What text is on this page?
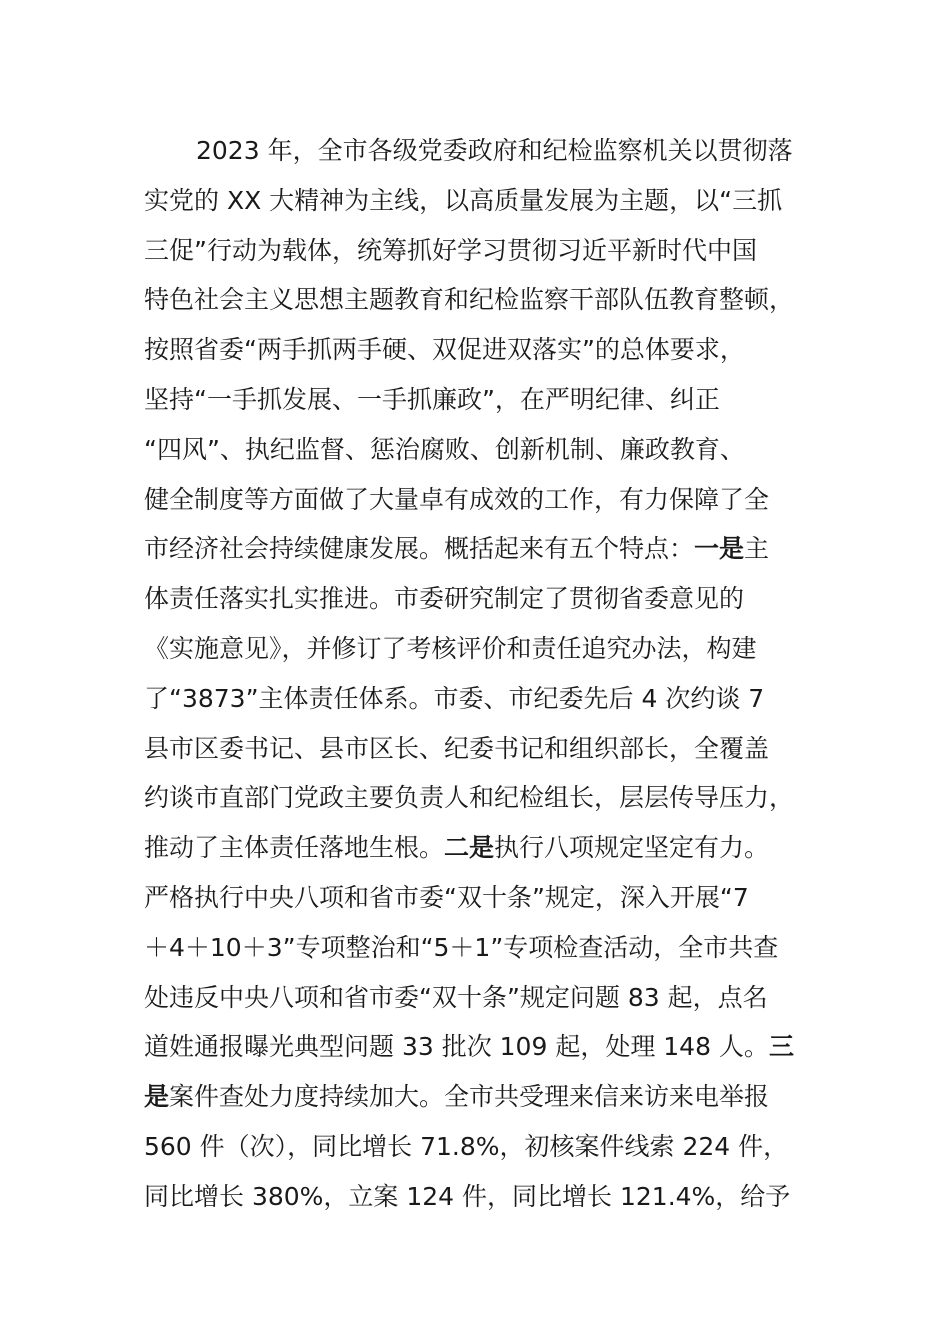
2023 年，全市各级党委政府和纪检监察机关以贯彻落
实党的 XX 大精神为主线，以高质量发展为主题，以“三抓
三促”行动为载体，统筹抓好学习贯彻习近平新时代中国
特色社会主义思想主题教育和纪检监察干部队伍教育整顿，
按照省委“两手抓两手硬、双促进双落实”的总体要求，
坚持“一手抓发展、一手抓廉政”，在严明纪律、纠正
“四风”、执纪监督、惩治腐败、创新机制、廉政教育、
健全制度等方面做了大量卓有成效的工作，有力保障了全
市经济社会持续健康发展。概括起来有五个特点：一是主
体责任落实扎实推进。市委研究制定了贯彻省委意见的
《实施意见》，并修订了考核评价和责任追究办法，构建
了“3873”主体责任体系。市委、市纪委先后 4 次约谈 7
县市区委书记、县市区长、纪委书记和组织部长，全覆盖
约谈市直部门党政主要负责人和纪检组长，层层传导压力，
推动了主体责任落地生根。二是执行八项规定坚定有力。
严格执行中央八项和省市委“双十条”规定，深入开展“7
＋4＋10＋3”专项整治和“5＋1”专项检查活动，全市共查
处违反中央八项和省市委“双十条”规定问题 83 起，点名
道姓通报曝光典型问题 33 批次 109 起，处理 148 人。三
是案件查处力度持续加大。全市共受理来信来访来电举报
560 件（次），同比增长 71.8%，初核案件线索 224 件，
同比增长 380%，立案 124 件，同比增长 121.4%，给予
